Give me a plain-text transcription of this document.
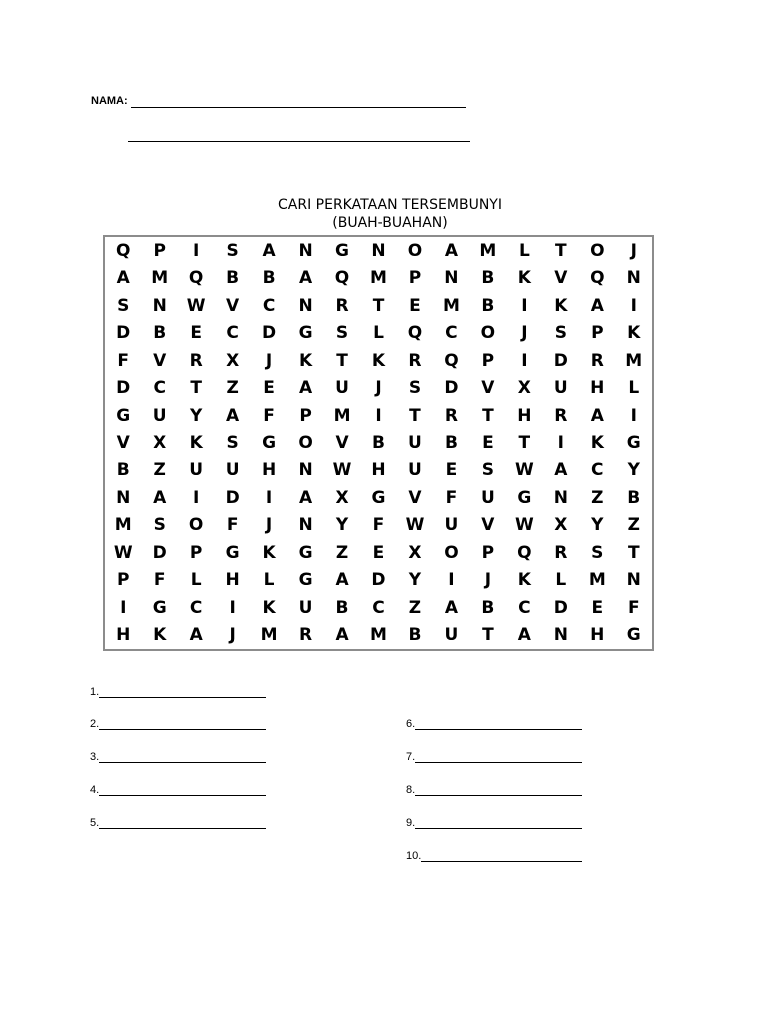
NAMA:
CARI PERKATAAN TERSEMBUNYI
(BUAH-BUAHAN)
Q	P	I	S	A	N	G	N	O	A	M	L	T	O	J
A	M	Q	B	B	A	Q	M	P	N	B	K	V	Q	N
S	N	W	V	C	N	R	T	E	M	B	I	K	A	I
D	B	E	C	D	G	S	L	Q	C	O	J	S	P	K
F	V	R	X	J	K	T	K	R	Q	P	I	D	R	M
D	C	T	Z	E	A	U	J	S	D	V	X	U	H	L
G	U	Y	A	F	P	M	I	T	R	T	H	R	A	I
V	X	K	S	G	O	V	B	U	B	E	T	I	K	G
B	Z	U	U	H	N	W	H	U	E	S	W	A	C	Y
N	A	I	D	I	A	X	G	V	F	U	G	N	Z	B
M	S	O	F	J	N	Y	F	W	U	V	W	X	Y	Z
W	D	P	G	K	G	Z	E	X	O	P	Q	R	S	T
P	F	L	H	L	G	A	D	Y	I	J	K	L	M	N
I	G	C	I	K	U	B	C	Z	A	B	C	D	E	F
H	K	A	J	M	R	A	M	B	U	T	A	N	H	G
1.
2.
3.
4.
5.
6.
7.
8.
9.
10.
